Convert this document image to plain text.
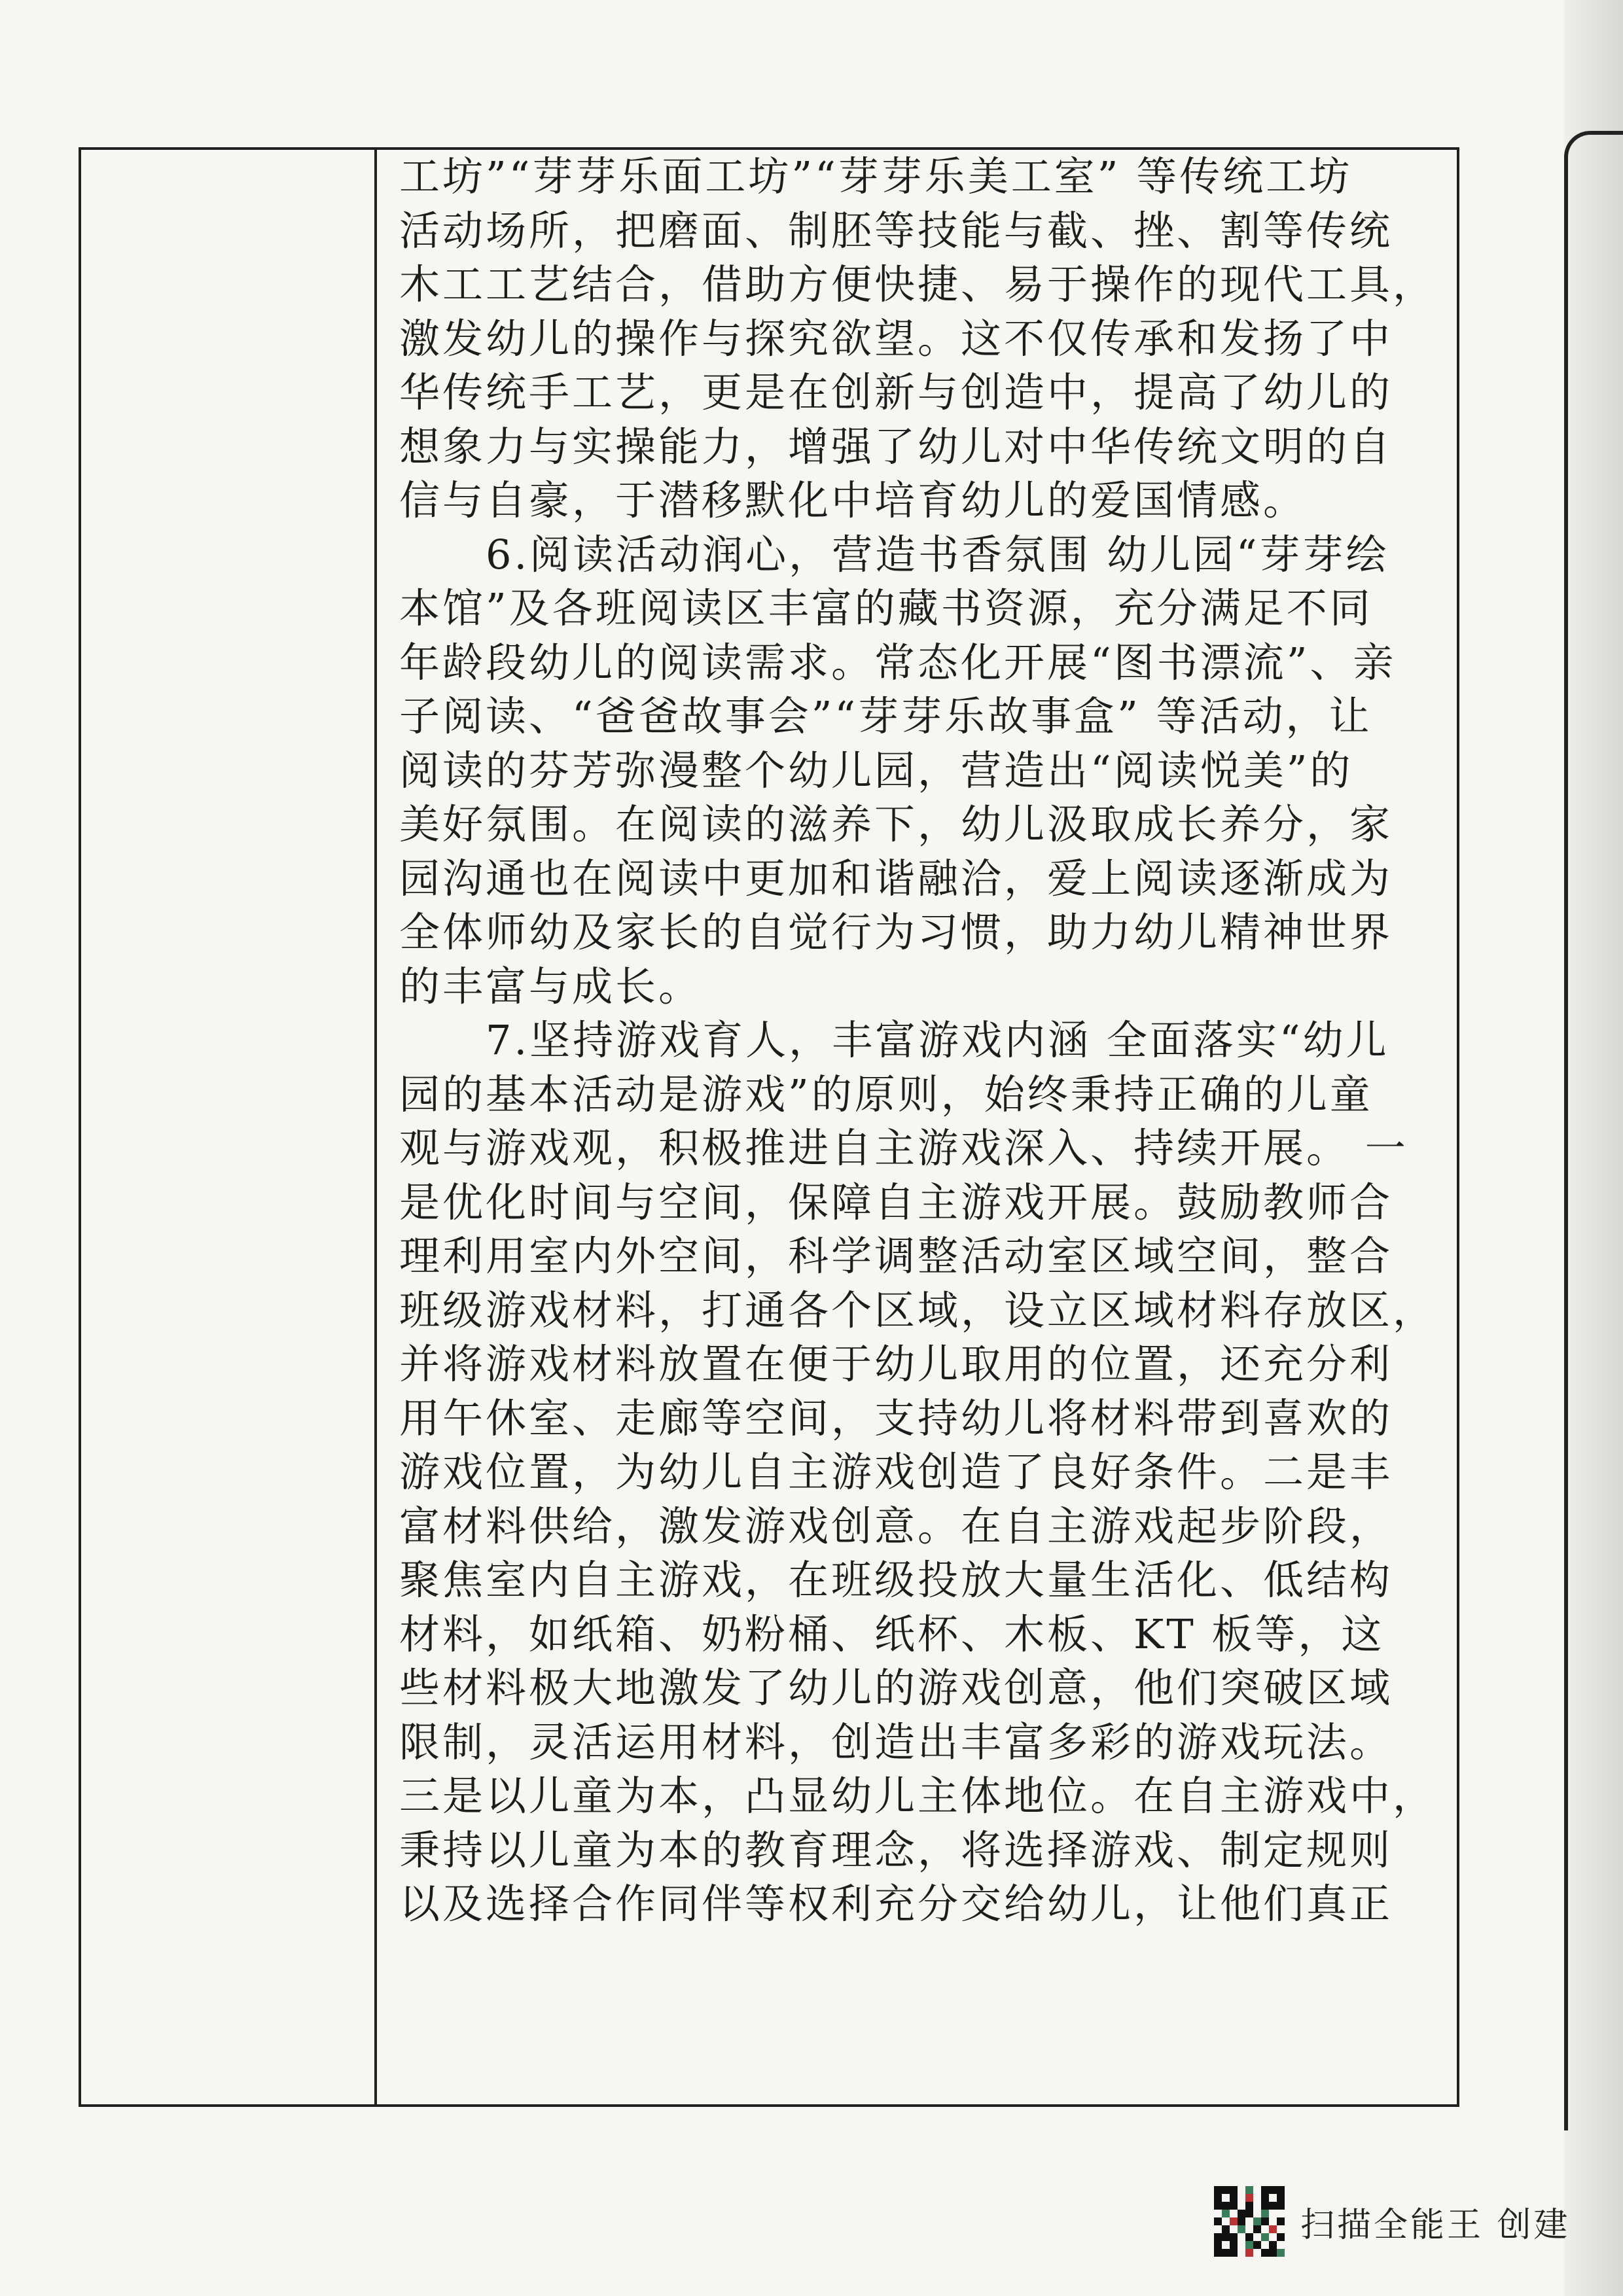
工坊”“芽芽乐面工坊”“芽芽乐美工室” 等传统工坊
活动场所，把磨面、制胚等技能与截、挫、割等传统
木工工艺结合，借助方便快捷、易于操作的现代工具，
激发幼儿的操作与探究欲望。这不仅传承和发扬了中
华传统手工艺，更是在创新与创造中，提高了幼儿的
想象力与实操能力，增强了幼儿对中华传统文明的自
信与自豪，于潜移默化中培育幼儿的爱国情感。
　　6.阅读活动润心，营造书香氛围 幼儿园“芽芽绘
本馆”及各班阅读区丰富的藏书资源，充分满足不同
年龄段幼儿的阅读需求。常态化开展“图书漂流”、亲
子阅读、“爸爸故事会”“芽芽乐故事盒” 等活动，让
阅读的芬芳弥漫整个幼儿园，营造出“阅读悦美”的
美好氛围。在阅读的滋养下，幼儿汲取成长养分，家
园沟通也在阅读中更加和谐融洽，爱上阅读逐渐成为
全体师幼及家长的自觉行为习惯，助力幼儿精神世界
的丰富与成长。
　　7.坚持游戏育人，丰富游戏内涵 全面落实“幼儿
园的基本活动是游戏”的原则，始终秉持正确的儿童
观与游戏观，积极推进自主游戏深入、持续开展。 一
是优化时间与空间，保障自主游戏开展。鼓励教师合
理利用室内外空间，科学调整活动室区域空间，整合
班级游戏材料，打通各个区域，设立区域材料存放区，
并将游戏材料放置在便于幼儿取用的位置，还充分利
用午休室、走廊等空间，支持幼儿将材料带到喜欢的
游戏位置，为幼儿自主游戏创造了良好条件。二是丰
富材料供给，激发游戏创意。在自主游戏起步阶段，
聚焦室内自主游戏，在班级投放大量生活化、低结构
材料，如纸箱、奶粉桶、纸杯、木板、KT 板等，这
些材料极大地激发了幼儿的游戏创意，他们突破区域
限制，灵活运用材料，创造出丰富多彩的游戏玩法。
三是以儿童为本，凸显幼儿主体地位。在自主游戏中，
秉持以儿童为本的教育理念，将选择游戏、制定规则
以及选择合作同伴等权利充分交给幼儿，让他们真正
扫描全能王 创建
